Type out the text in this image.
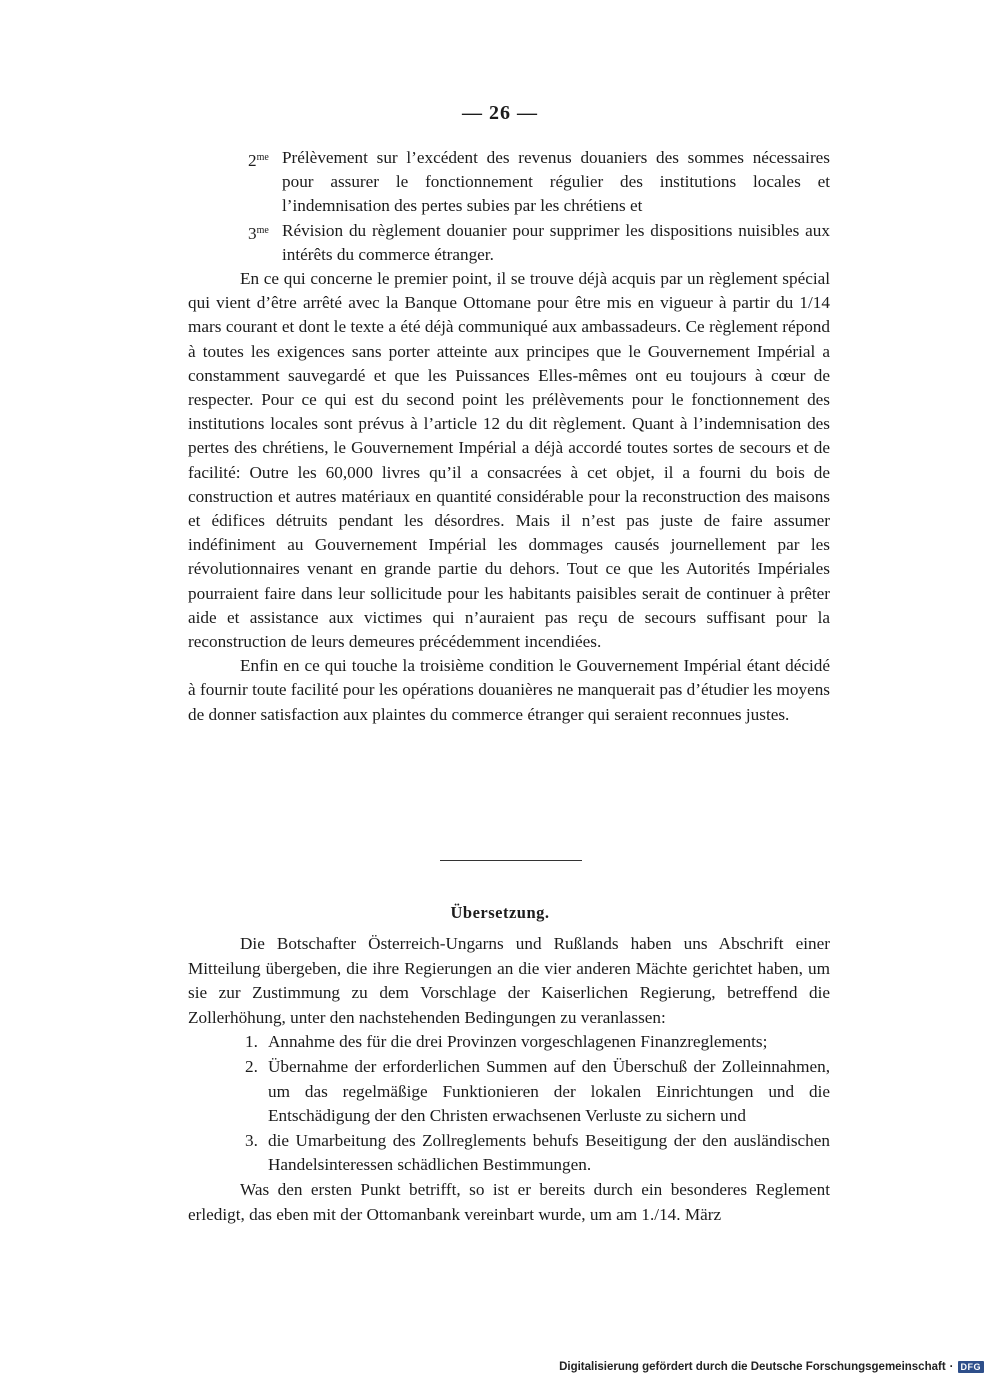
— 26 —
$2^{me}$ Prélèvement sur l’excédent des revenus douaniers des sommes nécessaires pour assurer le fonctionnement régulier des institutions locales et l’indemnisation des pertes subies par les chrétiens et
$3^{me}$ Révision du règlement douanier pour supprimer les dispositions nuisibles aux intérêts du commerce étranger.

En ce qui concerne le premier point, il se trouve déjà acquis par un règlement spécial qui vient d’être arrêté avec la Banque Ottomane pour être mis en vigueur à partir du 1/14 mars courant et dont le texte a été déjà communiqué aux ambassadeurs. Ce règlement répond à toutes les exigences sans porter atteinte aux principes que le Gouvernement Impérial a constamment sauvegardé et que les Puissances Elles-mêmes ont eu toujours à cœur de respecter. Pour ce qui est du second point les prélèvements pour le fonctionnement des institutions locales sont prévus à l’article 12 du dit règlement. Quant à l’indemnisation des pertes des chrétiens, le Gouvernement Impérial a déjà accordé toutes sortes de secours et de facilité: Outre les 60,000 livres qu’il a consacrées à cet objet, il a fourni du bois de construction et autres matériaux en quantité considérable pour la reconstruction des maisons et édifices détruits pendant les désordres. Mais il n’est pas juste de faire assumer indéfiniment au Gouvernement Impérial les dommages causés journellement par les révolutionnaires venant en grande partie du dehors. Tout ce que les Autorités Impériales pourraient faire dans leur sollicitude pour les habitants paisibles serait de continuer à prêter aide et assistance aux victimes qui n’auraient pas reçu de secours suffisant pour la reconstruction de leurs demeures précédemment incendiées.

Enfin en ce qui touche la troisième condition le Gouvernement Impérial étant décidé à fournir toute facilité pour les opérations douanières ne manquerait pas d’étudier les moyens de donner satisfaction aux plaintes du commerce étranger qui seraient reconnues justes.

Übersetzung.

Die Botschafter Österreich-Ungarns und Rußlands haben uns Abschrift einer Mitteilung übergeben, die ihre Regierungen an die vier anderen Mächte gerichtet haben, um sie zur Zustimmung zu dem Vorschlage der Kaiserlichen Regierung, betreffend die Zollerhöhung, unter den nachstehenden Bedingungen zu veranlassen:

1. Annahme des für die drei Provinzen vorgeschlagenen Finanzreglements;
2. Übernahme der erforderlichen Summen auf den Überschuß der Zolleinnahmen, um das regelmäßige Funktionieren der lokalen Einrichtungen und die Entschädigung der den Christen erwachsenen Verluste zu sichern und
3. die Umarbeitung des Zollreglements behufs Beseitigung der den ausländischen Handelsinteressen schädlichen Bestimmungen.

Was den ersten Punkt betrifft, so ist er bereits durch ein besonderes Reglement erledigt, das eben mit der Ottomanbank vereinbart wurde, um am 1./14. März

Digitalisierung gefördert durch die Deutsche Forschungsgemeinschaft · DFG
